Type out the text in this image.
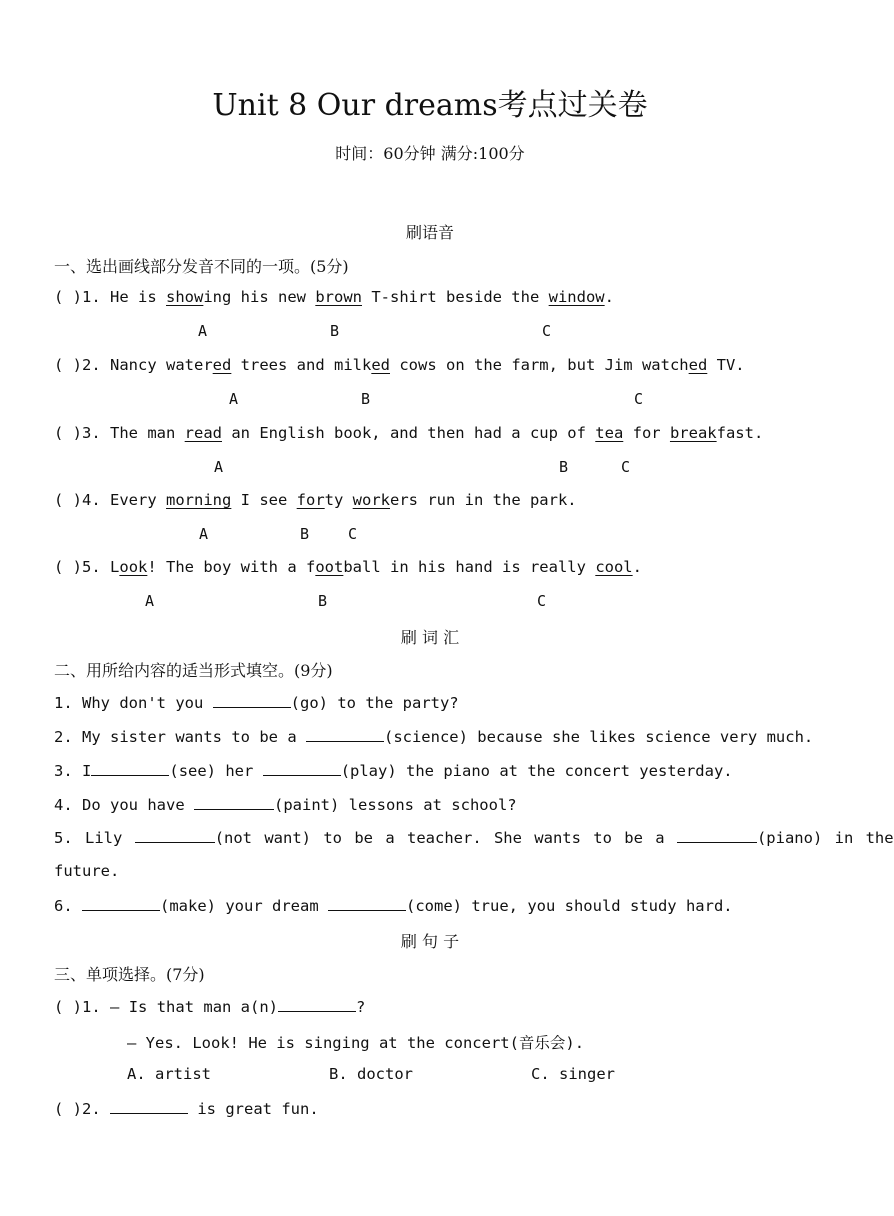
Unit 8 Our dreams考点过关卷
时间：60分钟 满分:100分
刷语音
一、选出画线部分发音不同的一项。(5分)
( )1. He is showing his new brown T-shirt beside the window.
A	B	C
( )2. Nancy watered trees and milked cows on the farm, but Jim watched TV.
A	B	C
( )3. The man read an English book, and then had a cup of tea for breakfast.
A	B	C
( )4. Every morning I see forty workers run in the park.
A	B	C
( )5. Look! The boy with a football in his hand is really cool.
A	B	C
刷 词 汇
二、用所给内容的适当形式填空。(9分)
1. Why don't you	(go) to the party?
2. My sister wants to be a	(science) because she likes science very much.
3. I	(see) her	(play) the piano at the concert yesterday.
4. Do you have	(paint) lessons at school?
5. Lily	(not want) to be a teacher. She wants to be a	(piano) in the
future.
6.	(make) your dream	(come) true, you should study hard.
刷 句 子
三、单项选择。(7分)
( )1. — Is that man a(n)	?
— Yes. Look! He is singing at the concert(音乐会).
A. artist	B. doctor	C. singer
( )2.	is great fun.
